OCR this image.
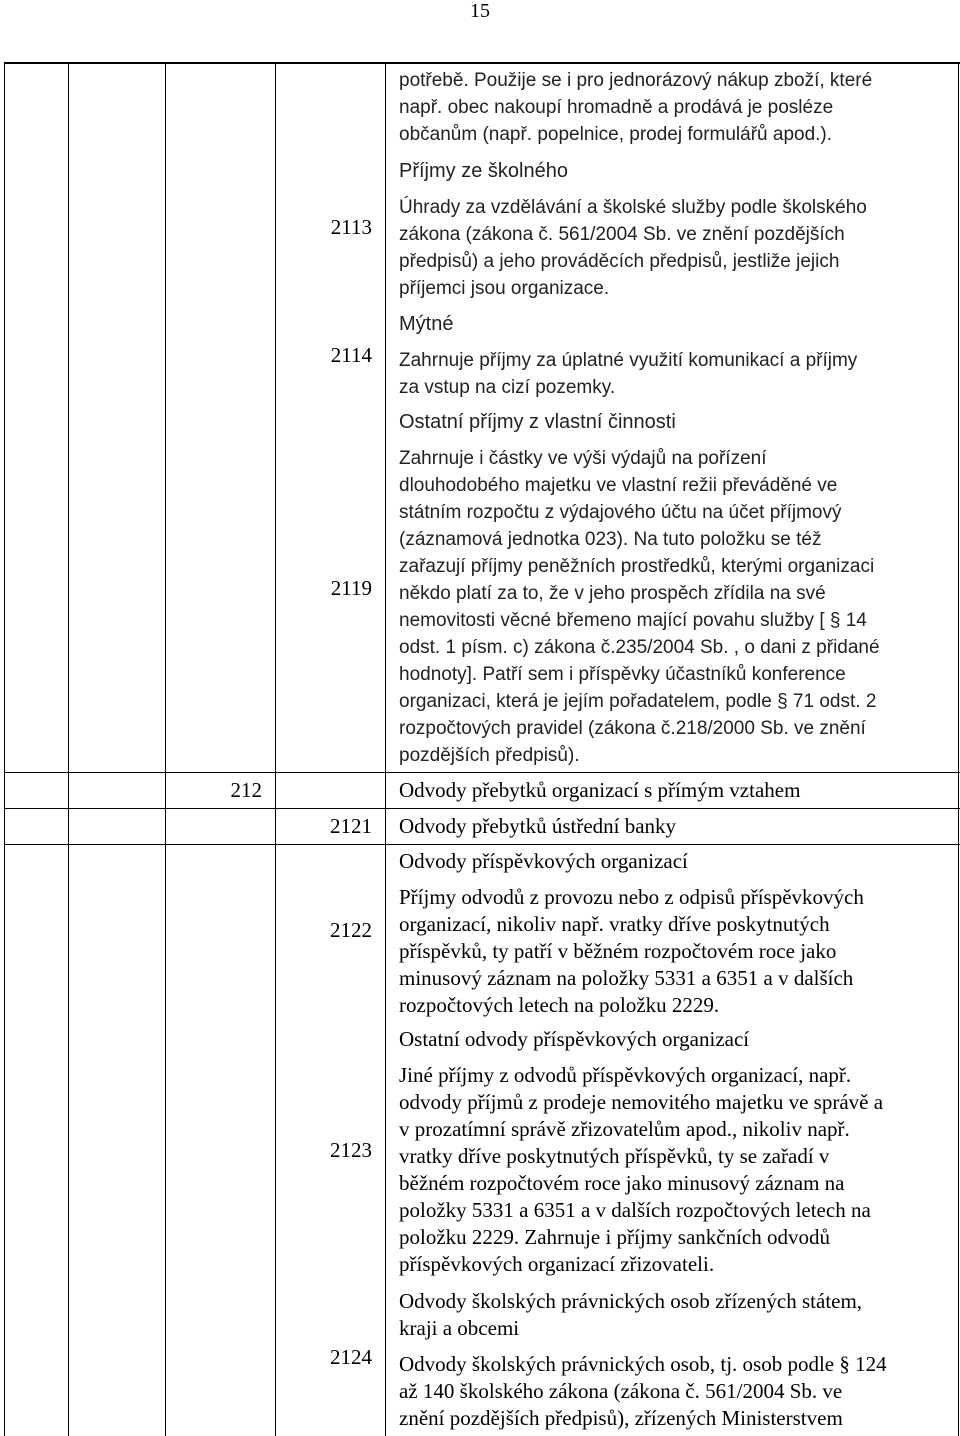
15
potřebě. Použije se i pro jednorázový nákup zboží, které
např. obec nakoupí hromadně a prodává je posléze
občanům (např. popelnice, prodej formulářů apod.).
2113
Příjmy ze školného
Úhrady za vzdělávání a školské služby podle školského
zákona (zákona č. 561/2004 Sb. ve znění pozdějších
předpisů) a jeho prováděcích předpisů, jestliže jejich
příjemci jsou organizace.
2114
Mýtné
Zahrnuje příjmy za úplatné využití komunikací a příjmy
za vstup na cizí pozemky.
2119
Ostatní příjmy z vlastní činnosti
Zahrnuje i částky ve výši výdajů na pořízení
dlouhodobého majetku ve vlastní režii převáděné ve
státním rozpočtu z výdajového účtu na účet příjmový
(záznamová jednotka 023). Na tuto položku se též
zařazují příjmy peněžních prostředků, kterými organizaci
někdo platí za to, že v jeho prospěch zřídila na své
nemovitosti věcné břemeno mající povahu služby [ § 14
odst. 1 písm. c) zákona č.235/2004 Sb. , o dani z přidané
hodnoty]. Patří sem i příspěvky účastníků konference
organizaci, která je jejím pořadatelem, podle § 71 odst. 2
rozpočtových pravidel (zákona č.218/2000 Sb. ve znění
pozdějších předpisů).
212	Odvody přebytků organizací s přímým vztahem
2121 Odvody přebytků ústřední banky
2122
Odvody příspěvkových organizací
Příjmy odvodů z provozu nebo z odpisů příspěvkových
organizací, nikoliv např. vratky dříve poskytnutých
příspěvků, ty patří v běžném rozpočtovém roce jako
minusový záznam na položky 5331 a 6351 a v dalších
rozpočtových letech na položku 2229.
2123
Ostatní odvody příspěvkových organizací
Jiné příjmy z odvodů příspěvkových organizací, např.
odvody příjmů z prodeje nemovitého majetku ve správě a
v prozatímní správě zřizovatelům apod., nikoliv např.
vratky dříve poskytnutých příspěvků, ty se zařadí v
běžném rozpočtovém roce jako minusový záznam na
položky 5331 a 6351 a v dalších rozpočtových letech na
položku 2229. Zahrnuje i příjmy sankčních odvodů
příspěvkových organizací zřizovateli.
2124
Odvody školských právnických osob zřízených státem,
kraji a obcemi
Odvody školských právnických osob, tj. osob podle § 124
až 140 školského zákona (zákona č. 561/2004 Sb. ve
znění pozdějších předpisů), zřízených Ministerstvem
